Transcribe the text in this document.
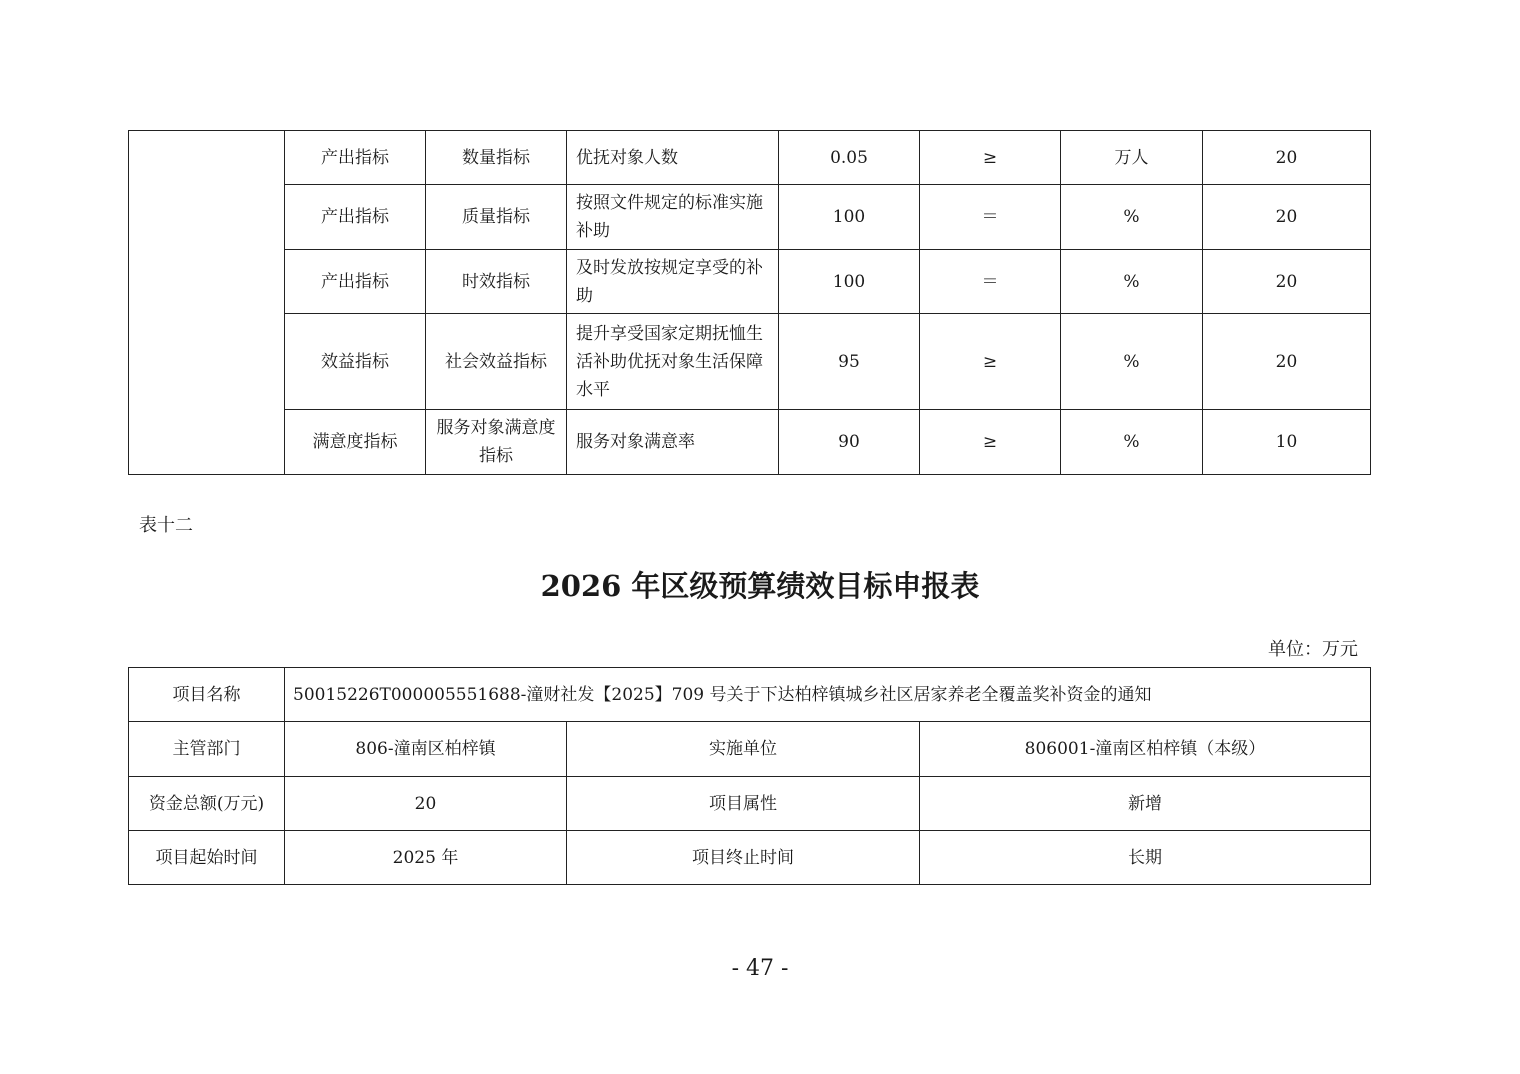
	产出指标	数量指标	优抚对象人数	0.05	≥	万人	20
	产出指标	质量指标	按照文件规定的标准实施补助	100	＝	%	20
	产出指标	时效指标	及时发放按规定享受的补助	100	＝	%	20
	效益指标	社会效益指标	提升享受国家定期抚恤生活补助优抚对象生活保障水平	95	≥	%	20
	满意度指标	服务对象满意度指标	服务对象满意率	90	≥	%	10
表十二
2026 年区级预算绩效目标申报表
单位：万元
项目名称	50015226T000005551688-潼财社发【2025】709 号关于下达柏梓镇城乡社区居家养老全覆盖奖补资金的通知		
主管部门	806-潼南区柏梓镇	实施单位	806001-潼南区柏梓镇（本级）
资金总额(万元)	20	项目属性	新增
项目起始时间	2025 年	项目终止时间	长期
- 47 -
